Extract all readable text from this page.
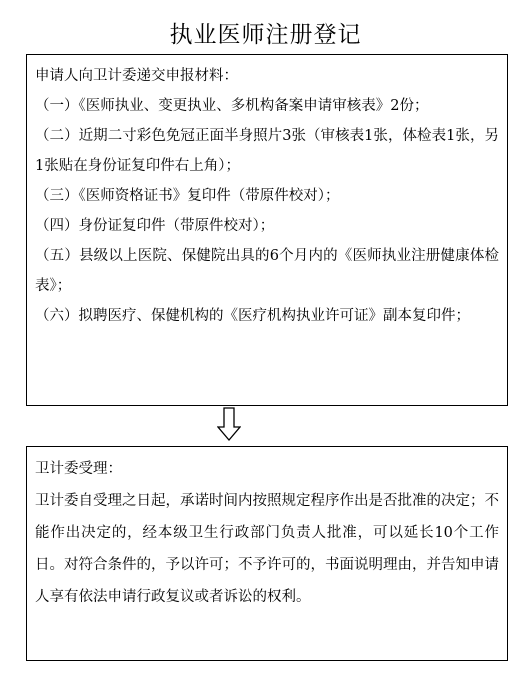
执业医师注册登记

申请人向卫计委递交申报材料：

（一）《医师执业、变更执业、多机构备案申请审核表》2份；

（二）近期二寸彩色免冠正面半身照片3张（审核表1张，体检表1张，另1张贴在身份证复印件右上角）；

（三）《医师资格证书》复印件（带原件校对）；

（四）身份证复印件（带原件校对）；

（五）县级以上医院、保健院出具的6个月内的《医师执业注册健康体检表》；

（六）拟聘医疗、保健机构的《医疗机构执业许可证》副本复印件；

卫计委受理：

卫计委自受理之日起，承诺时间内按照规定程序作出是否批准的决定；不能作出决定的，经本级卫生行政部门负责人批准，可以延长10个工作日。对符合条件的，予以许可；不予许可的，书面说明理由，并告知申请人享有依法申请行政复议或者诉讼的权利。
